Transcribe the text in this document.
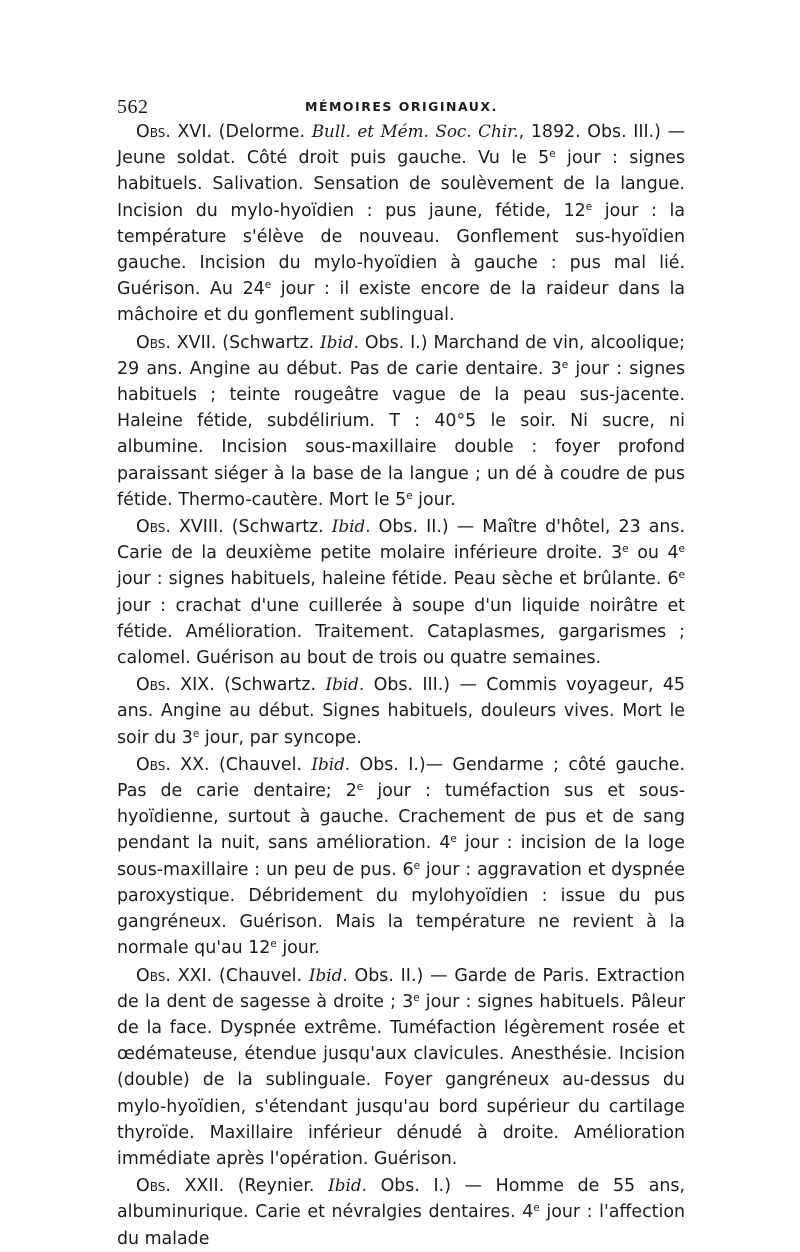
562	MÉMOIRES ORIGINAUX.

Obs. XVI. (Delorme. Bull. et Mém. Soc. Chir., 1892. Obs. III.) — Jeune soldat. Côté droit puis gauche. Vu le 5e jour : signes habituels. Salivation. Sensation de soulèvement de la langue. Incision du mylo-hyoïdien : pus jaune, fétide, 12e jour : la température s'élève de nouveau. Gonflement sus-hyoïdien gauche. Incision du mylo-hyoïdien à gauche : pus mal lié. Guérison. Au 24e jour : il existe encore de la raideur dans la mâchoire et du gonflement sublingual.

Obs. XVII. (Schwartz. Ibid. Obs. I.) Marchand de vin, alcoolique; 29 ans. Angine au début. Pas de carie dentaire. 3e jour : signes habituels ; teinte rougeâtre vague de la peau sus-jacente. Haleine fétide, subdélirium. T : 40°5 le soir. Ni sucre, ni albumine. Incision sous-maxillaire double : foyer profond paraissant siéger à la base de la langue ; un dé à coudre de pus fétide. Thermo-cautère. Mort le 5e jour.

Obs. XVIII. (Schwartz. Ibid. Obs. II.) — Maître d'hôtel, 23 ans. Carie de la deuxième petite molaire inférieure droite. 3e ou 4e jour : signes habituels, haleine fétide. Peau sèche et brûlante. 6e jour : crachat d'une cuillerée à soupe d'un liquide noirâtre et fétide. Amélioration. Traitement. Cataplasmes, gargarismes ; calomel. Guérison au bout de trois ou quatre semaines.

Obs. XIX. (Schwartz. Ibid. Obs. III.) — Commis voyageur, 45 ans. Angine au début. Signes habituels, douleurs vives. Mort le soir du 3e jour, par syncope.

Obs. XX. (Chauvel. Ibid. Obs. I.)— Gendarme ; côté gauche. Pas de carie dentaire; 2e jour : tuméfaction sus et sous-hyoïdienne, surtout à gauche. Crachement de pus et de sang pendant la nuit, sans amélioration. 4e jour : incision de la loge sous-maxillaire : un peu de pus. 6e jour : aggravation et dyspnée paroxystique. Débridement du mylohyoïdien : issue du pus gangréneux. Guérison. Mais la température ne revient à la normale qu'au 12e jour.

Obs. XXI. (Chauvel. Ibid. Obs. II.) — Garde de Paris. Extraction de la dent de sagesse à droite ; 3e jour : signes habituels. Pâleur de la face. Dyspnée extrême. Tuméfaction légèrement rosée et œdémateuse, étendue jusqu'aux clavicules. Anesthésie. Incision (double) de la sublinguale. Foyer gangréneux au-dessus du mylo-hyoïdien, s'étendant jusqu'au bord supérieur du cartilage thyroïde. Maxillaire inférieur dénudé à droite. Amélioration immédiate après l'opération. Guérison.

Obs. XXII. (Reynier. Ibid. Obs. I.) — Homme de 55 ans, albuminurique. Carie et névralgies dentaires. 4e jour : l'affection du malade
